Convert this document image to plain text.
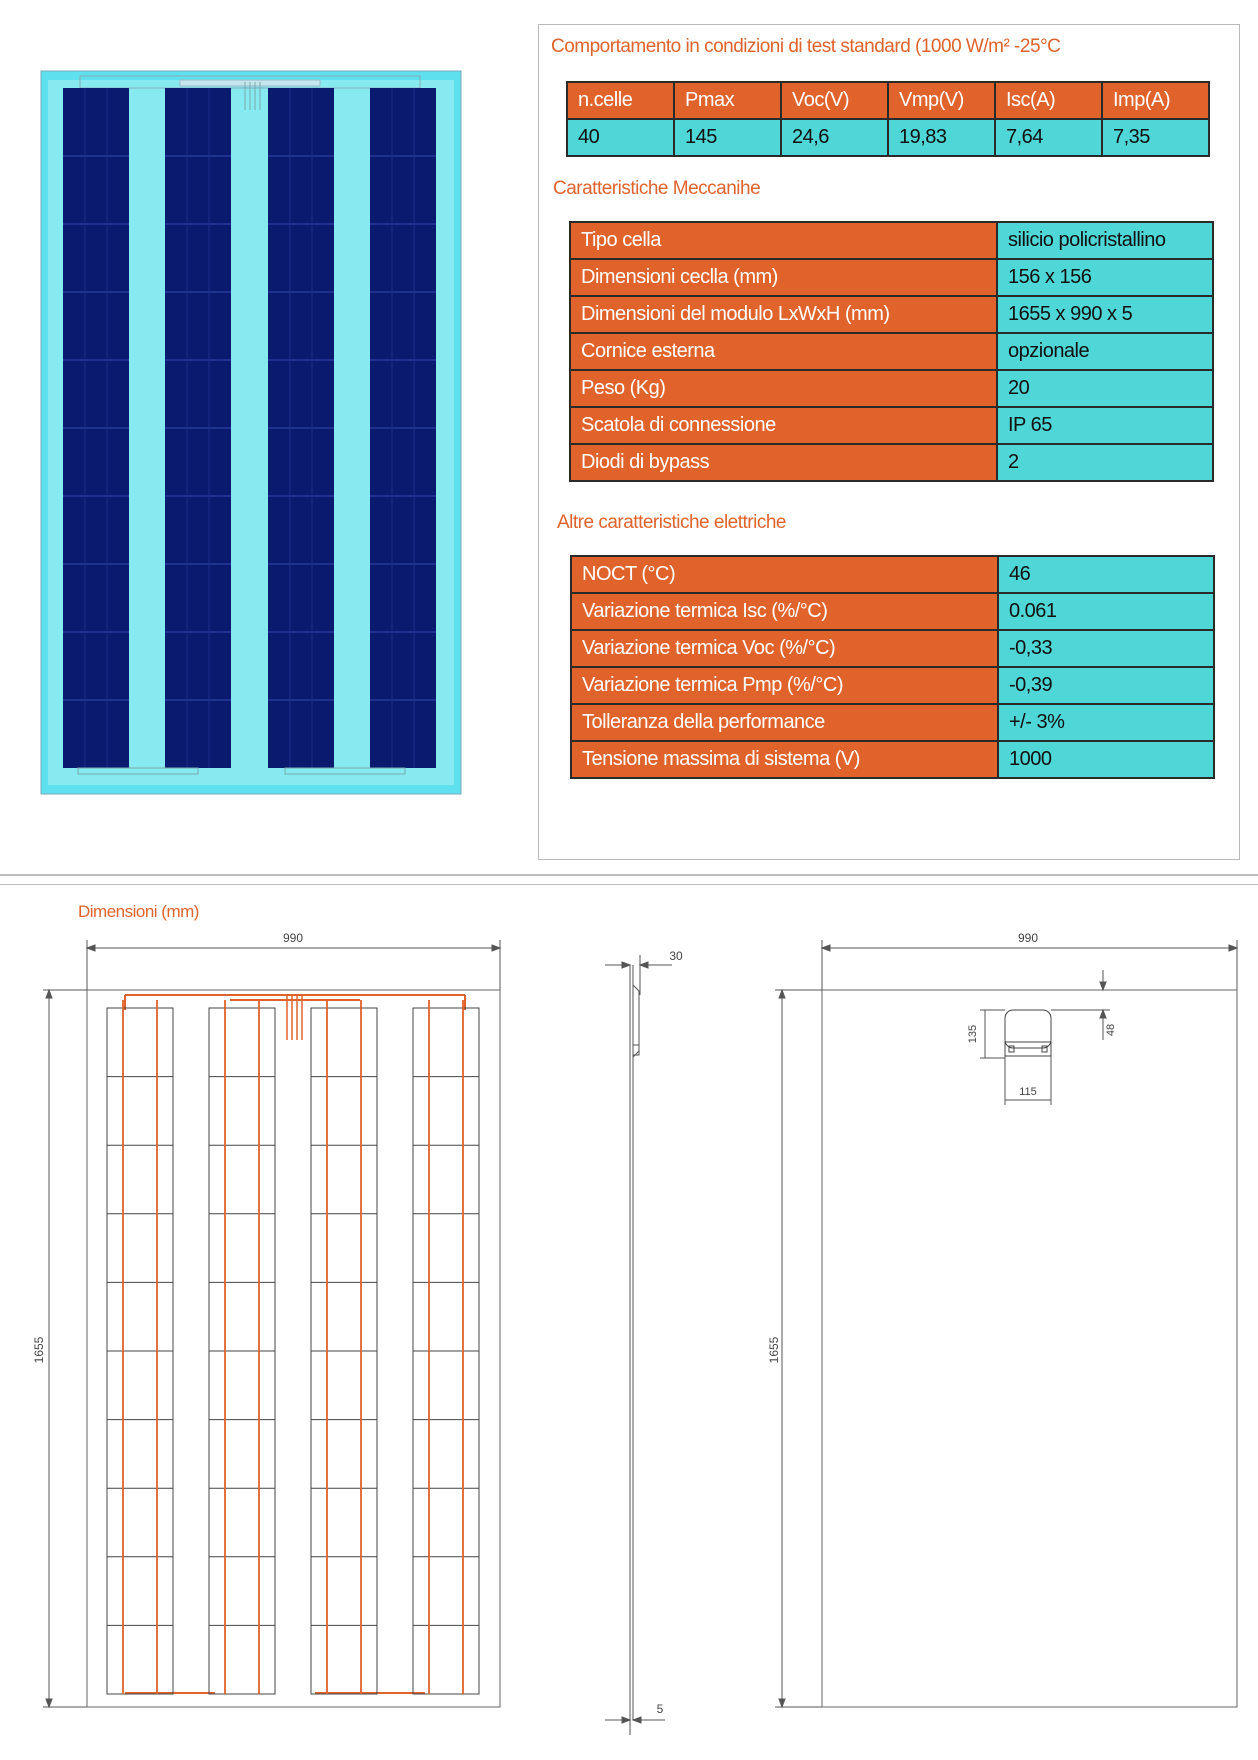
Comportamento in condizioni di test standard (1000 W/m² -25°C
n.celle	Pmax	Voc(V)	Vmp(V)	Isc(A)	Imp(A)
40	145	24,6	19,83	7,64	7,35
Caratteristiche Meccanihe
Tipo cella	silicio policristallino
Dimensioni ceclla (mm)	156 x 156
Dimensioni del modulo LxWxH (mm)	1655 x 990 x 5
Cornice esterna	opzionale
Peso (Kg)	20
Scatola di connessione	IP 65
Diodi di bypass	2
Altre caratteristiche elettriche
NOCT (°C)	46
Variazione termica Isc (%/°C)	0.061
Variazione termica Voc (%/°C)	-0,33
Variazione termica Pmp (%/°C)	-0,39
Tolleranza della performance	+/- 3%
Tensione massima di sistema (V)	1000
Dimensioni (mm)
990
1655
30
5
990
1655
135	48
115
